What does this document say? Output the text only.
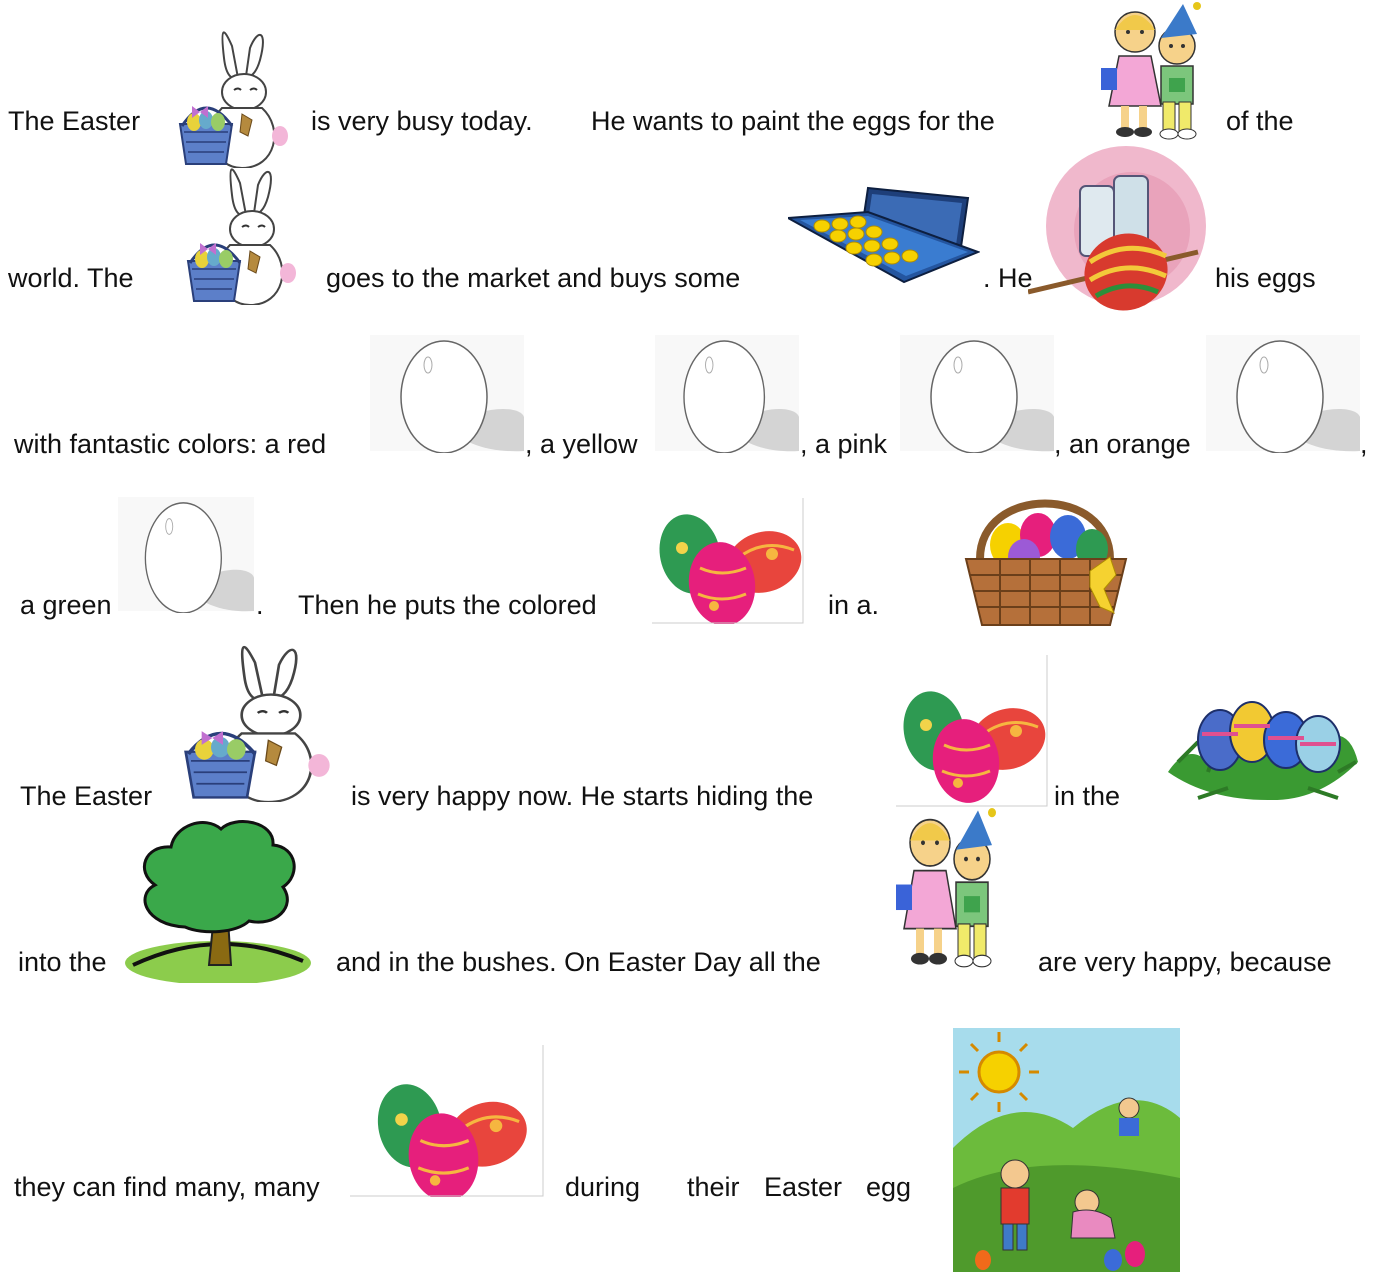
The Easter	is very busy today. He wants to paint the eggs for the	of the
world. The	goes to the market and buys some	. He	his eggs
with fantastic colors: a red	, a yellow	, a pink	, an orange	,
a green	. Then he puts the colored	in a.
The Easter	is very happy now. He starts hiding the	in the
into the	and in the bushes. On Easter Day all the	are very happy, because
they can find many, many	during their Easter egg
